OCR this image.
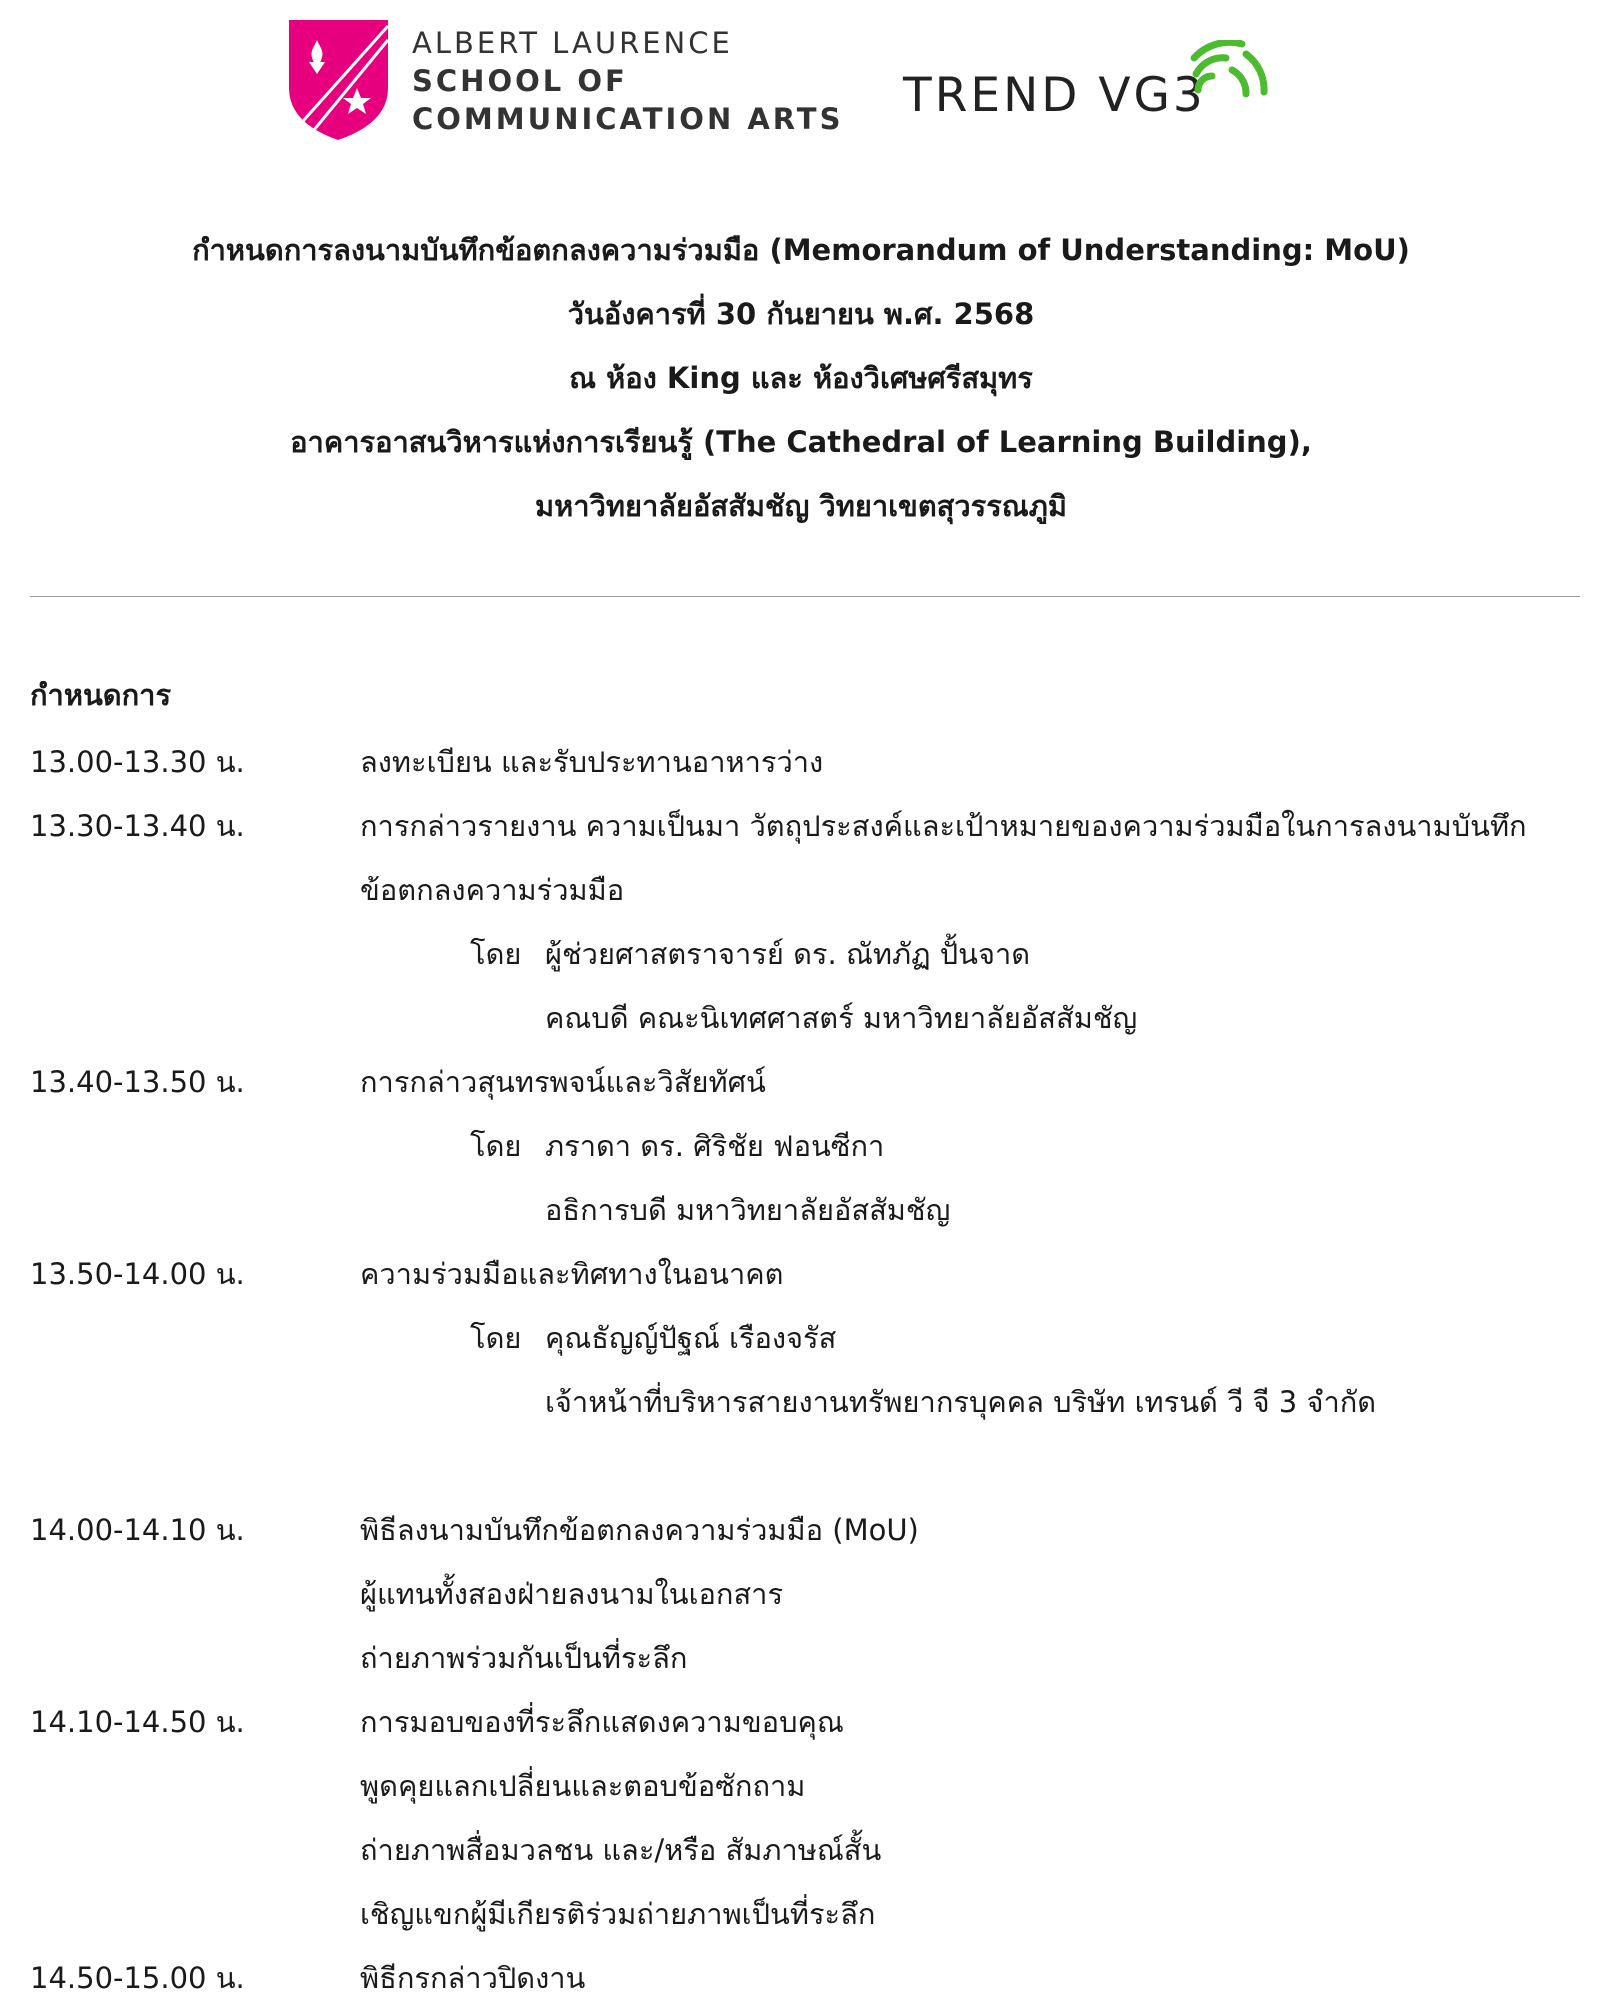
ALBERT LAURENCE
SCHOOL OF
COMMUNICATION ARTS TREND VG3
กำหนดการลงนามบันทึกข้อตกลงความร่วมมือ (Memorandum of Understanding: MoU)
วันอังคารที่ 30 กันยายน พ.ศ. 2568
ณ ห้อง King และ ห้องวิเศษศรีสมุทร
อาคารอาสนวิหารแห่งการเรียนรู้ (The Cathedral of Learning Building),
มหาวิทยาลัยอัสสัมชัญ วิทยาเขตสุวรรณภูมิ
กำหนดการ
13.00-13.30 น.	ลงทะเบียน และรับประทานอาหารว่าง
13.30-13.40 น.	การกล่าวรายงาน ความเป็นมา วัตถุประสงค์และเป้าหมายของความร่วมมือในการลงนามบันทึก
ข้อตกลงความร่วมมือ
โดย ผู้ช่วยศาสตราจารย์ ดร. ณัทภัฏ ปั้นจาด
คณบดี คณะนิเทศศาสตร์ มหาวิทยาลัยอัสสัมชัญ
13.40-13.50 น.	การกล่าวสุนทรพจน์และวิสัยทัศน์
โดย ภราดา ดร. ศิริชัย ฟอนซีกา
อธิการบดี มหาวิทยาลัยอัสสัมชัญ
13.50-14.00 น.	ความร่วมมือและทิศทางในอนาคต
โดย คุณธัญญ์ปัฐณ์ เรืองจรัส
เจ้าหน้าที่บริหารสายงานทรัพยากรบุคคล บริษัท เทรนด์ วี จี 3 จำกัด
14.00-14.10 น.	พิธีลงนามบันทึกข้อตกลงความร่วมมือ (MoU)
ผู้แทนทั้งสองฝ่ายลงนามในเอกสาร
ถ่ายภาพร่วมกันเป็นที่ระลึก
14.10-14.50 น.	การมอบของที่ระลึกแสดงความขอบคุณ
พูดคุยแลกเปลี่ยนและตอบข้อซักถาม
ถ่ายภาพสื่อมวลชน และ/หรือ สัมภาษณ์สั้น
เชิญแขกผู้มีเกียรติร่วมถ่ายภาพเป็นที่ระลึก
14.50-15.00 น.	พิธีกรกล่าวปิดงาน
